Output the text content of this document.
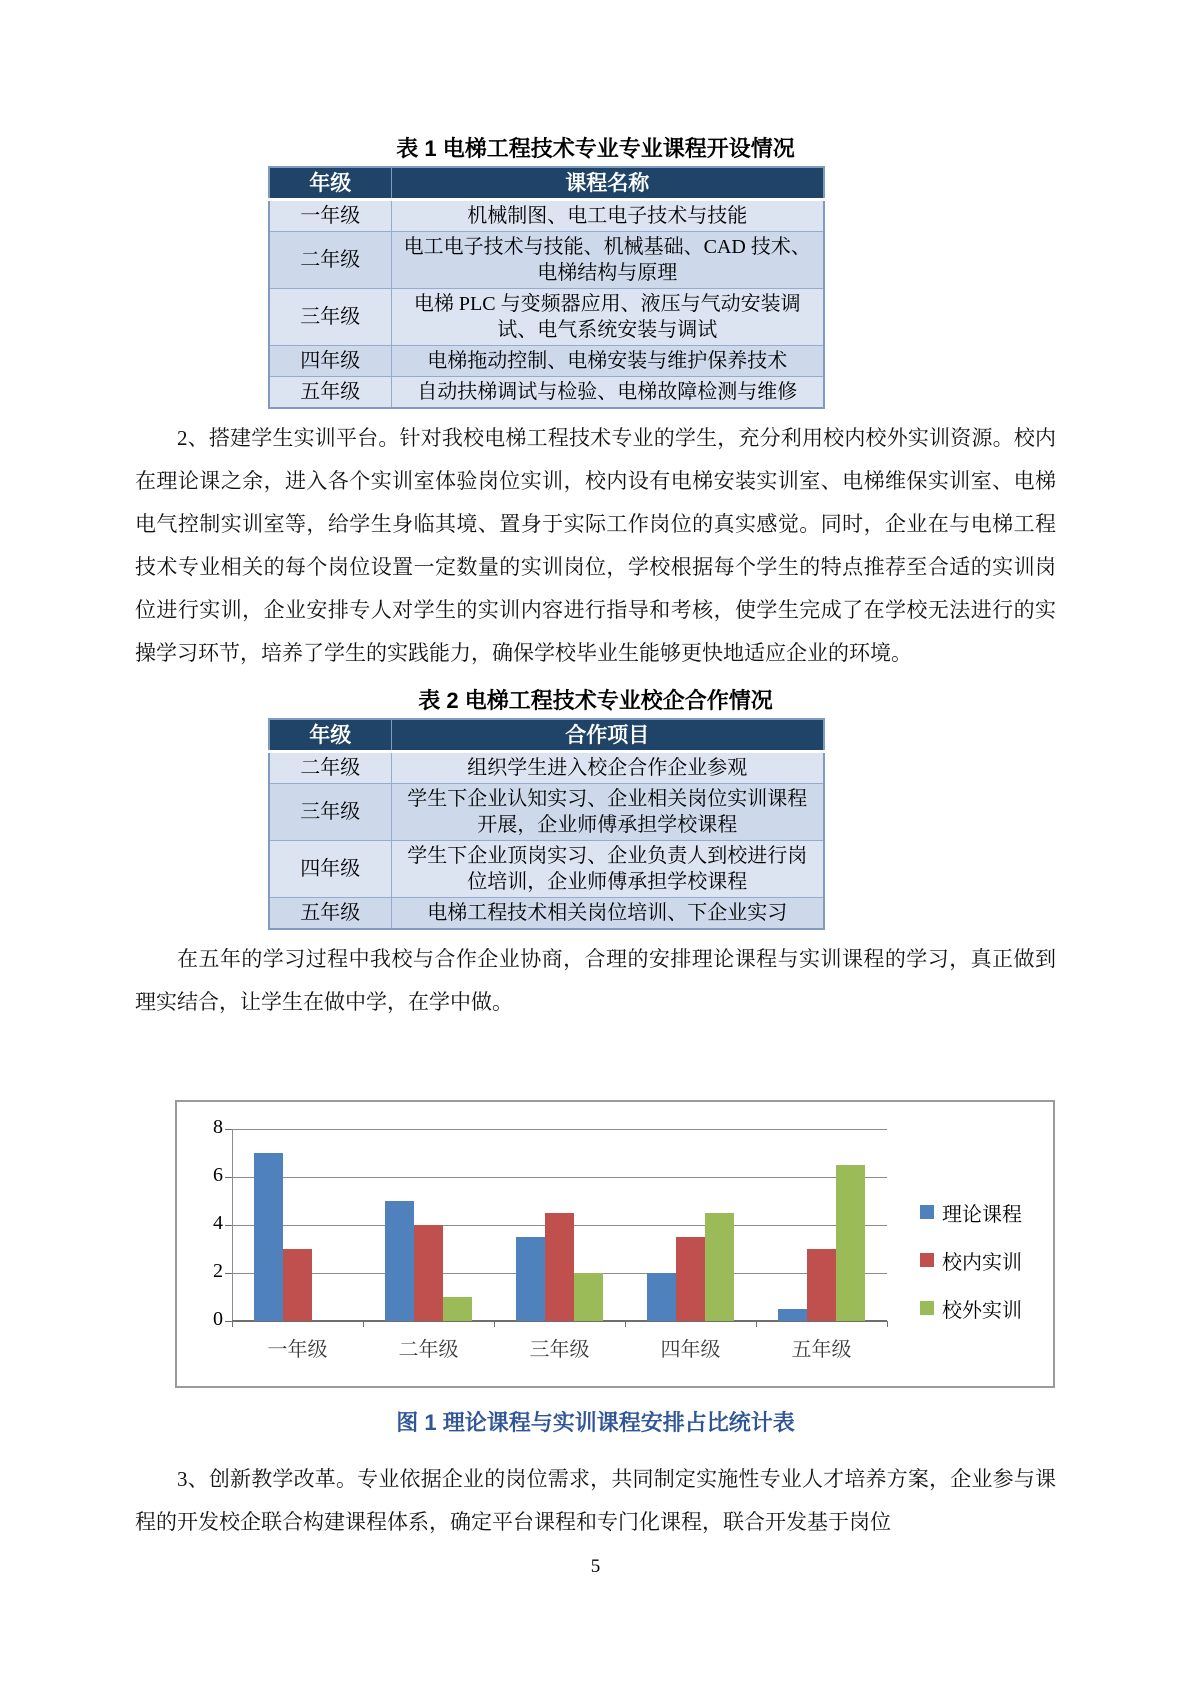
表 1 电梯工程技术专业专业课程开设情况
年级	课程名称
一年级	机械制图、电工电子技术与技能
二年级	电工电子技术与技能、机械基础、CAD 技术、电梯结构与原理
三年级	电梯 PLC 与变频器应用、液压与气动安装调试、电气系统安装与调试
四年级	电梯拖动控制、电梯安装与维护保养技术
五年级	自动扶梯调试与检验、电梯故障检测与维修

2、搭建学生实训平台。针对我校电梯工程技术专业的学生，充分利用校内校外实训资源。校内在理论课之余，进入各个实训室体验岗位实训，校内设有电梯安装实训室、电梯维保实训室、电梯电气控制实训室等，给学生身临其境、置身于实际工作岗位的真实感觉。同时，企业在与电梯工程技术专业相关的每个岗位设置一定数量的实训岗位，学校根据每个学生的特点推荐至合适的实训岗位进行实训，企业安排专人对学生的实训内容进行指导和考核，使学生完成了在学校无法进行的实操学习环节，培养了学生的实践能力，确保学校毕业生能够更快地适应企业的环境。

表 2 电梯工程技术专业校企合作情况
年级	合作项目
二年级	组织学生进入校企合作企业参观
三年级	学生下企业认知实习、企业相关岗位实训课程开展，企业师傅承担学校课程
四年级	学生下企业顶岗实习、企业负责人到校进行岗位培训，企业师傅承担学校课程
五年级	电梯工程技术相关岗位培训、下企业实习

在五年的学习过程中我校与合作企业协商，合理的安排理论课程与实训课程的学习，真正做到理实结合，让学生在做中学，在学中做。

0
2
4
6
8
一年级	二年级	三年级	四年级	五年级
理论课程
校内实训
校外实训
图 1 理论课程与实训课程安排占比统计表

3、创新教学改革。专业依据企业的岗位需求，共同制定实施性专业人才培养方案，企业参与课程的开发校企联合构建课程体系，确定平台课程和专门化课程，联合开发基于岗位

5
